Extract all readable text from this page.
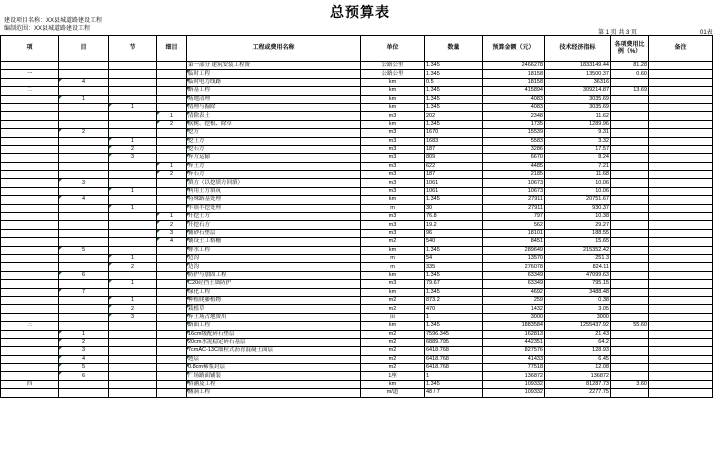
总预算表
建设项目名称：XX县城道路建设工程
编制范围：XX县城道路建设工程
第 1 页 共 3 页	01表
项	目	节	细目	工程或费用名称	单位	数量	预算金额（元）	技术经济指标	各项费用比例（%）	备注
				第一部分 建筑安装工程费	公路公里	1.345	2466278	1833149.44	81.28	
一				临时工程	公路公里	1.345	18158	13500.37	0.60	
	4			临时电力线路	km	0.5	18158	36316		
二				路基工程	km	1.345	415894	309214.87	13.69	
	1			场地清理	km	1.345	4083	3035.69		
		1		清理与掘除	km	1.345	4083	3035.69		
			1	清除表土	m3	202	2348	11.62		
			2	砍树、挖根、除草	km	1.345	1735	1289.96		
	2			挖方	m3	1670	15539	9.31		
		1		挖土方	m3	1683	5583	3.32		
		2		挖石方	m3	187	3286	17.57		
		3		弃方运输	m3	809	6670	8.24		
			1	弃土方	m3	622	4485	7.21		
			2	弃石方	m3	187	2185	11.68		
	3			填方（以挖填方回填）	m3	1061	10673	10.06		
		1		利用土方填筑	m3	1061	10673	10.06		
	4			特殊路基处理	km	1.345	27911	20751.67		
		1		半填半挖处理	m	30	27911	930.37		
			1	开挖土方	m3	76.8	797	10.38		
			2	开挖石方	m3	19.2	562	29.27		
			3	铺砂石垫层	m3	96	18101	188.55		
			4	铺设土工格栅	m2	540	8451	15.65		
	5			排水工程	km	1.345	289649	215352.42		
		1		边沟	m	54	13570	251.3		
		2		边沟	m	335	276078	824.11		
	6			防护与加固工程	km	1.345	63349	47099.63		
		1		C20砼挡土墙防护	m3	79.67	63349	795.15		
	7			绿化工程	km	1.345	4692	3488.48		
		1		种植爬藤植物	m2	873.2	259	0.38		
		2		栽植草	m2	470	1432	3.05		
		3		弃土场占地费用	亩	1	3000	3000		
三				路面工程	km	1.345	1883584	1255437.92	55.60	
	1			16cm级配碎石垫层	m2	7596.345	162813	21.43		
	2			20cm水泥稳定碎石基层	m2	6889.795	442351	64.2		
	3			7cmAC-13C细粒式沥青混凝土面层	m2	6418.768	827576	128.93		
	4			透层	m2	6418.768	41433	6.45		
	5			0.8cm稀浆封层	m2	6418.768	77518	12.08		
	6			广场路面铺装	1座	1	136872	136872		
四				桥涵及工程	km	1.345	109332	81287.73	3.60	
				涵洞工程	m/道	48 / 7	109332	2277.75		
